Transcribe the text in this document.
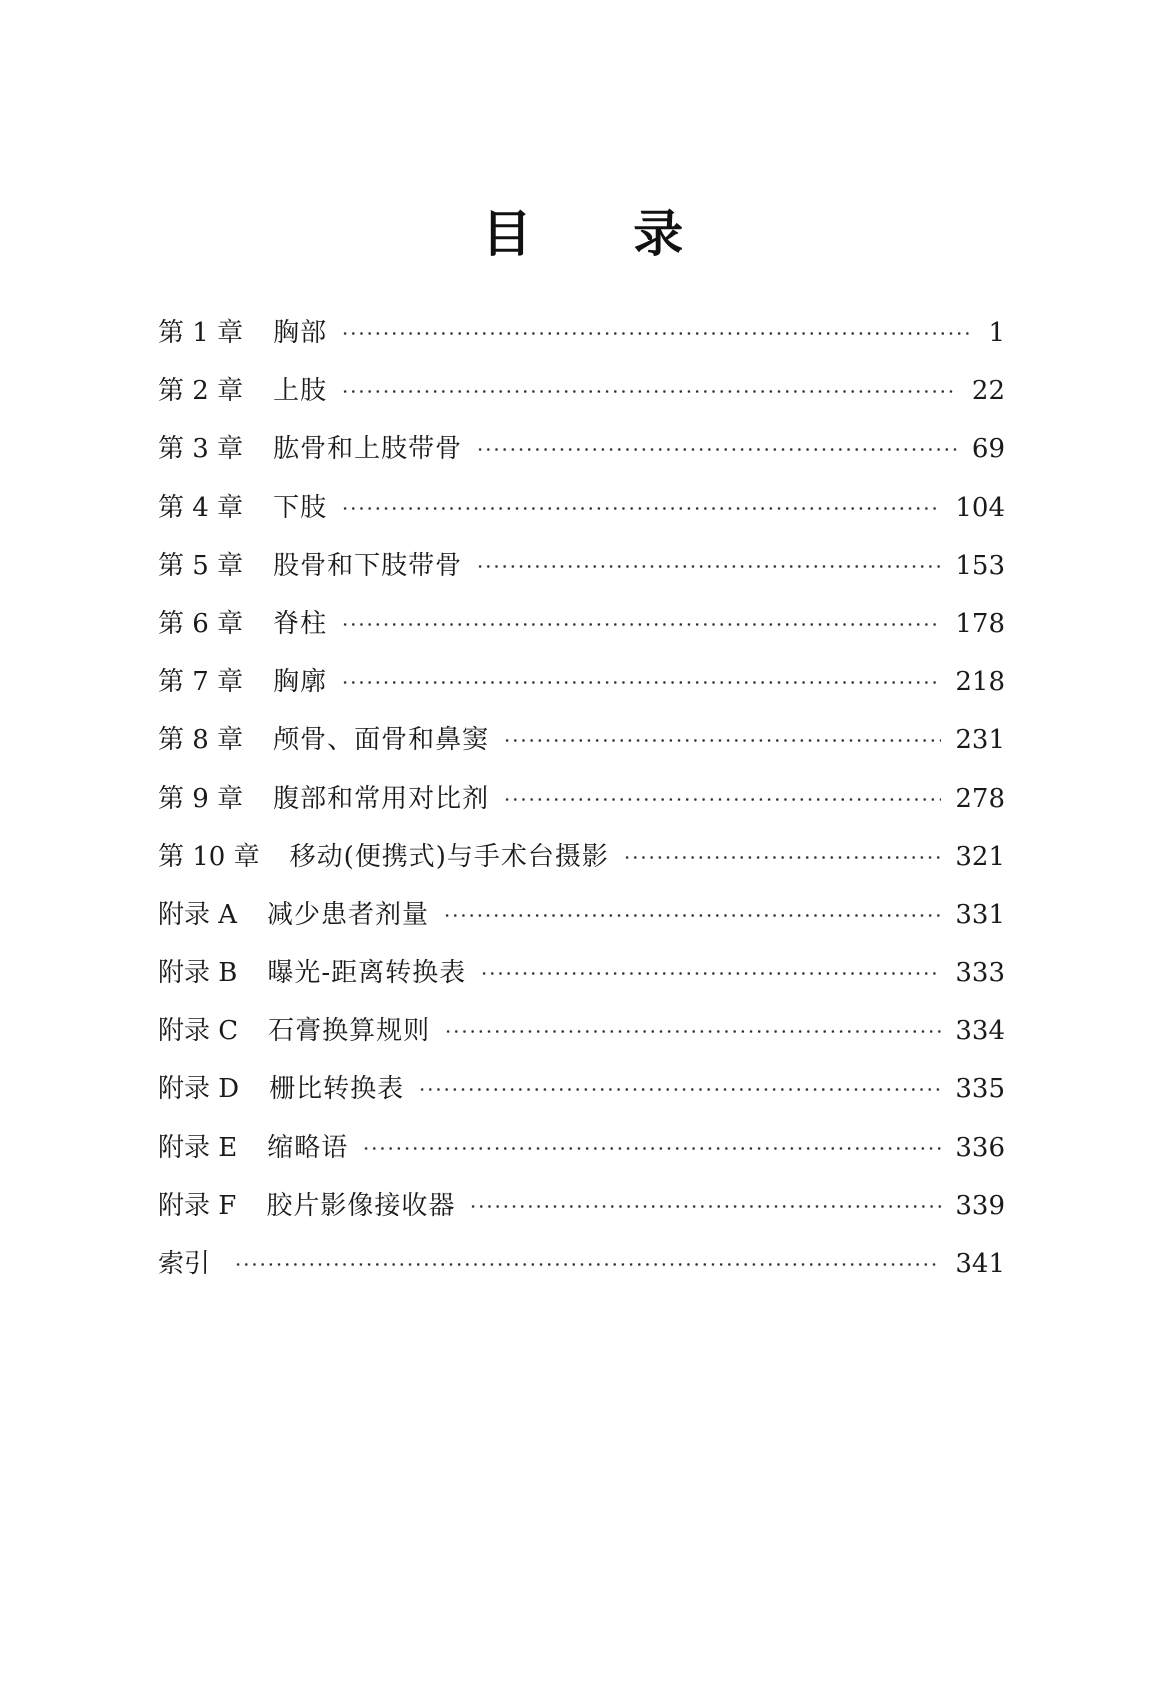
目 录
第 1 章	胸部	1
第 2 章	上肢	22
第 3 章	肱骨和上肢带骨	69
第 4 章	下肢	104
第 5 章	股骨和下肢带骨	153
第 6 章	脊柱	178
第 7 章	胸廓	218
第 8 章	颅骨、面骨和鼻窦	231
第 9 章	腹部和常用对比剂	278
第 10 章	移动(便携式)与手术台摄影	321
附录 A	减少患者剂量	331
附录 B	曝光-距离转换表	333
附录 C	石膏换算规则	334
附录 D	栅比转换表	335
附录 E	缩略语	336
附录 F	胶片影像接收器	339
索引	341
